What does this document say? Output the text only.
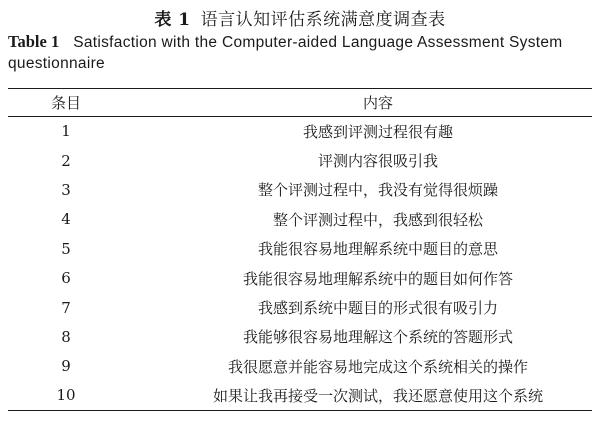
表 1 语言认知评估系统满意度调查表
Table 1 Satisfaction with the Computer-aided Language Assessment System questionnaire
条目	内容
1	我感到评测过程很有趣
2	评测内容很吸引我
3	整个评测过程中，我没有觉得很烦躁
4	整个评测过程中，我感到很轻松
5	我能很容易地理解系统中题目的意思
6	我能很容易地理解系统中的题目如何作答
7	我感到系统中题目的形式很有吸引力
8	我能够很容易地理解这个系统的答题形式
9	我很愿意并能容易地完成这个系统相关的操作
10	如果让我再接受一次测试，我还愿意使用这个系统
